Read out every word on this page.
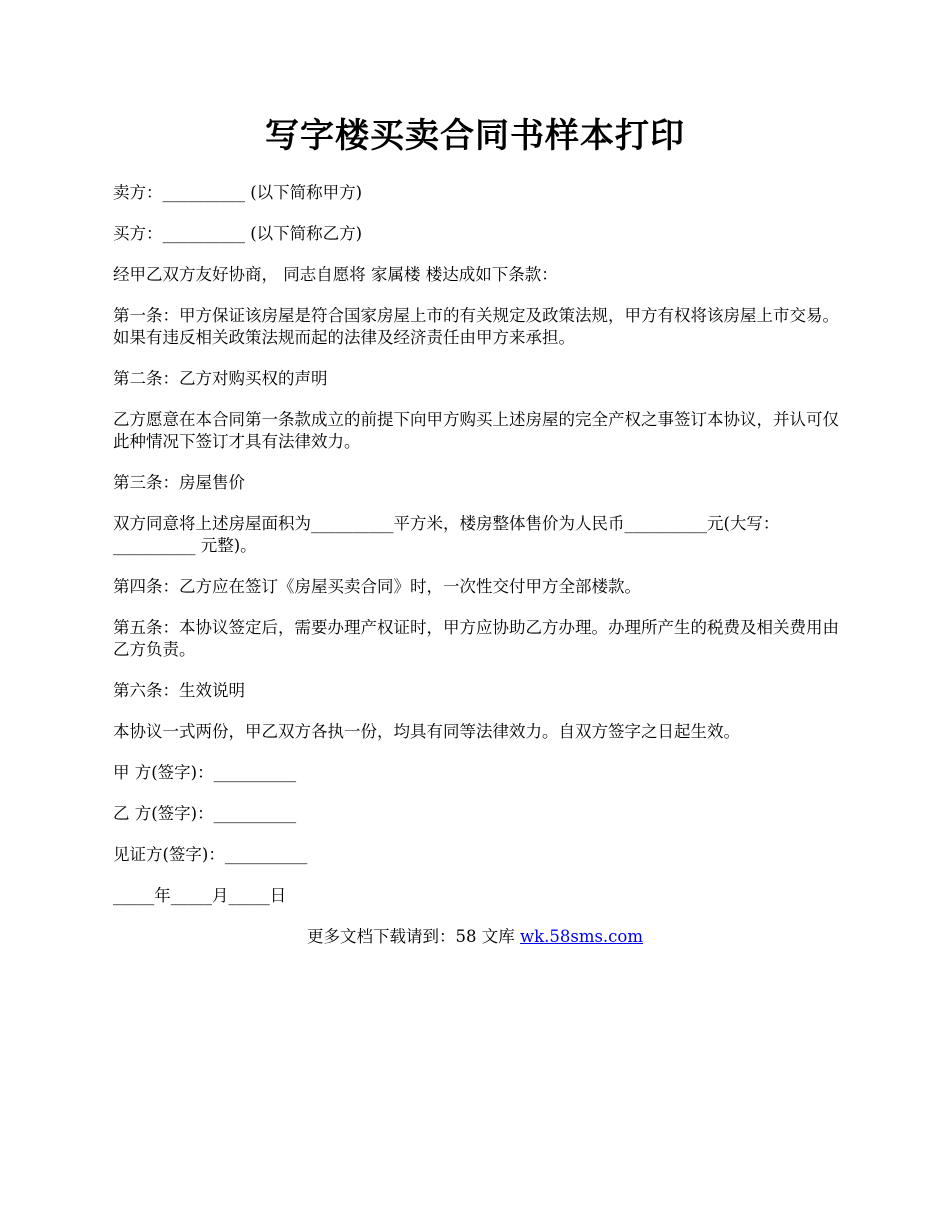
写字楼买卖合同书样本打印

卖方：__________ (以下简称甲方)

买方：__________ (以下简称乙方)

经甲乙双方友好协商， 同志自愿将 家属楼 楼达成如下条款：

第一条：甲方保证该房屋是符合国家房屋上市的有关规定及政策法规，甲方有权将该房屋上市交易。如果有违反相关政策法规而起的法律及经济责任由甲方来承担。

第二条：乙方对购买权的声明

乙方愿意在本合同第一条款成立的前提下向甲方购买上述房屋的完全产权之事签订本协议，并认可仅此种情况下签订才具有法律效力。

第三条：房屋售价

双方同意将上述房屋面积为__________平方米，楼房整体售价为人民币__________元(大写：__________ 元整)。

第四条：乙方应在签订《房屋买卖合同》时，一次性交付甲方全部楼款。

第五条：本协议签定后，需要办理产权证时，甲方应协助乙方办理。办理所产生的税费及相关费用由乙方负责。

第六条：生效说明

本协议一式两份，甲乙双方各执一份，均具有同等法律效力。自双方签字之日起生效。

甲 方(签字)：__________

乙 方(签字)：__________

见证方(签字)：__________

_____年_____月_____日

更多文档下载请到：58 文库 wk.58sms.com
